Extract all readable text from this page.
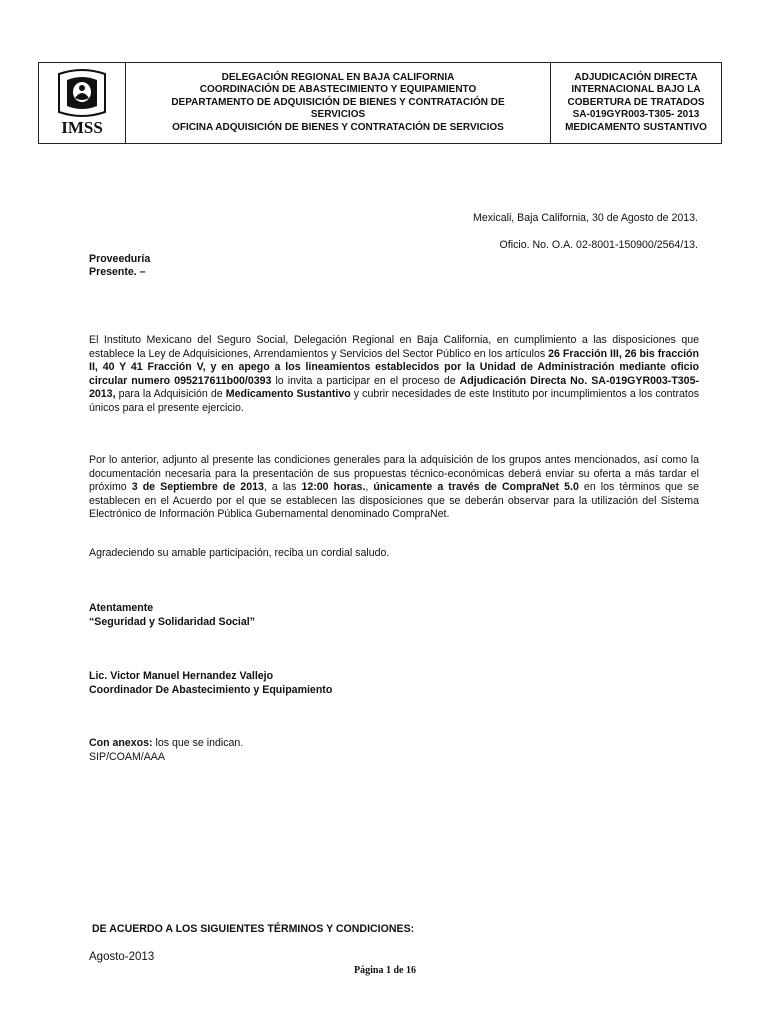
IMSS
DELEGACIÓN REGIONAL EN BAJA CALIFORNIA
COORDINACIÓN DE ABASTECIMIENTO Y EQUIPAMIENTO
DEPARTAMENTO DE ADQUISICIÓN DE BIENES Y CONTRATACIÓN DE
SERVICIOS
OFICINA ADQUISICIÓN DE BIENES Y CONTRATACIÓN DE SERVICIOS
ADJUDICACIÓN DIRECTA
INTERNACIONAL BAJO LA
COBERTURA DE TRATADOS
SA-019GYR003-T305- 2013
MEDICAMENTO SUSTANTIVO
Mexicali, Baja California, 30 de Agosto de 2013.
Oficio. No. O.A. 02-8001-150900/2564/13.
Proveeduría
Presente. –
El Instituto Mexicano del Seguro Social, Delegación Regional en Baja California, en cumplimiento a las disposiciones que establece la Ley de Adquisiciones, Arrendamientos y Servicios del Sector Público en los artículos 26 Fracción III, 26 bis fracción II, 40 Y 41 Fracción V, y en apego a los lineamientos establecidos por la Unidad de Administración mediante oficio circular numero 095217611b00/0393 lo invita a participar en el proceso de Adjudicación Directa No. SA-019GYR003-T305-2013, para la Adquisición de Medicamento Sustantivo y cubrir necesidades de este Instituto por incumplimientos a los contratos únicos para el presente ejercicio.
Por lo anterior, adjunto al presente las condiciones generales para la adquisición de los grupos antes mencionados, así como la documentación necesaria para la presentación de sus propuestas técnico-económicas deberá enviar su oferta a más tardar el próximo 3 de Septiembre de 2013, a las 12:00 horas., únicamente a través de CompraNet 5.0 en los términos que se establecen en el Acuerdo por el que se establecen las disposiciones que se deberán observar para la utilización del Sistema Electrónico de Información Pública Gubernamental denominado CompraNet.
Agradeciendo su amable participación, reciba un cordial saludo.
Atentamente
“Seguridad y Solidaridad Social”
Lic. Victor Manuel Hernandez Vallejo
Coordinador De Abastecimiento y Equipamiento
Con anexos: los que se indican.
SIP/COAM/AAA
DE ACUERDO A LOS SIGUIENTES TÉRMINOS Y CONDICIONES:
Agosto-2013
Página 1 de 16
